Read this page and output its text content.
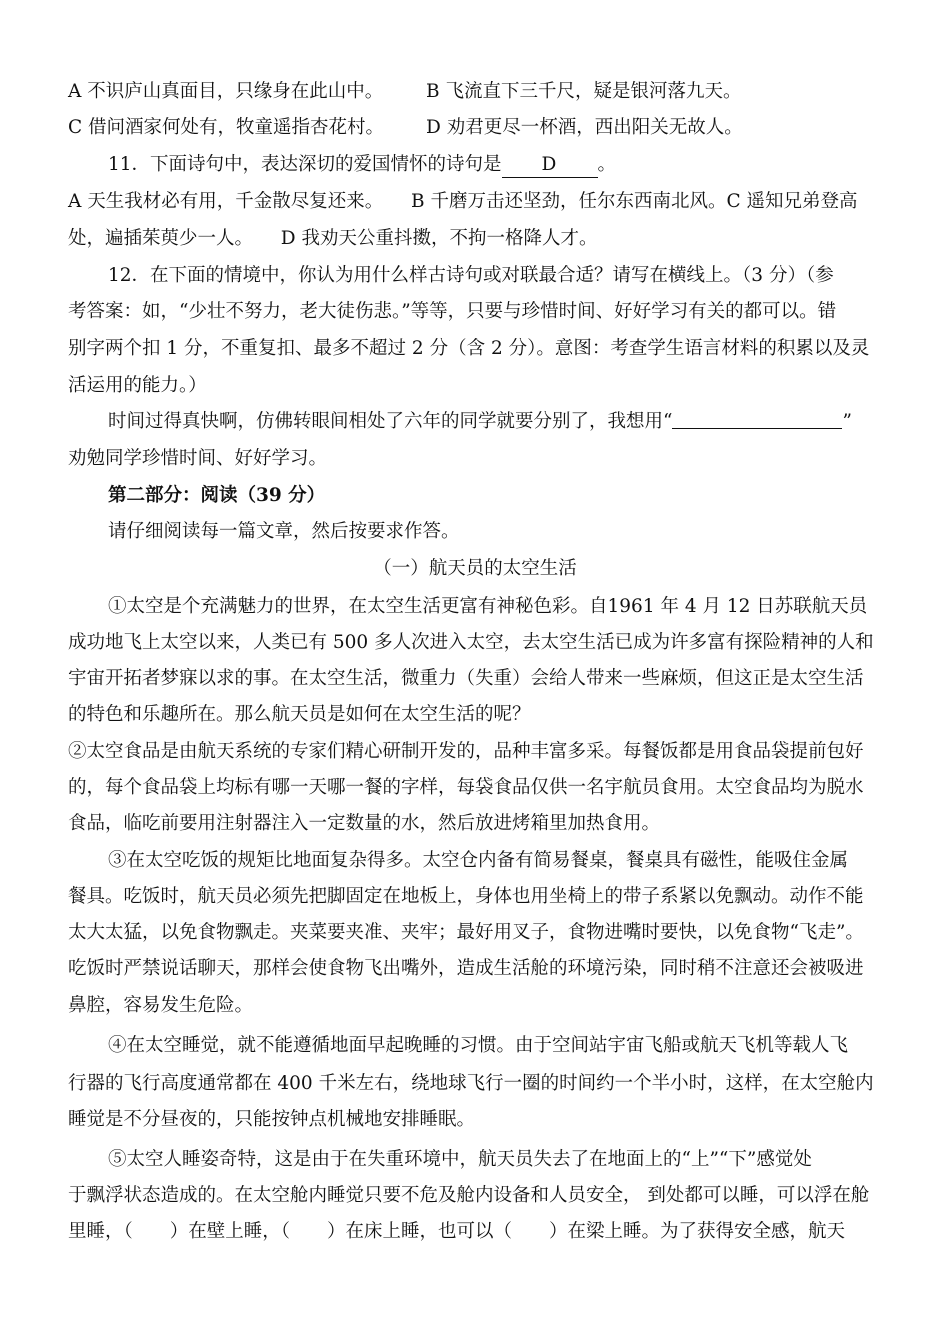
A 不识庐山真面目，只缘身在此山中。 B 飞流直下三千尺，疑是银河落九天。
C 借问酒家何处有，牧童遥指杏花村。 D 劝君更尽一杯酒，西出阳关无故人。
11．下面诗句中，表达深切的爱国情怀的诗句是 D 。
A 天生我材必有用，千金散尽复还来。　　B 千磨万击还坚劲，任尔东西南北风。C 遥知兄弟登高
处，遍插茱萸少一人。　　D 我劝天公重抖擞，不拘一格降人才。
12．在下面的情境中，你认为用什么样古诗句或对联最合适？请写在横线上。（3 分）（参
考答案：如，“少壮不努力，老大徒伤悲。”等等，只要与珍惜时间、好好学习有关的都可以。错
别字两个扣 1 分，不重复扣、最多不超过 2 分（含 2 分）。意图：考查学生语言材料的积累以及灵
活运用的能力。）
时间过得真快啊，仿佛转眼间相处了六年的同学就要分别了，我想用“	”
劝勉同学珍惜时间、好好学习。
第二部分：阅读（39 分）
请仔细阅读每一篇文章，然后按要求作答。
（一）航天员的太空生活
①太空是个充满魅力的世界，在太空生活更富有神秘色彩。自1961 年 4 月 12 日苏联航天员
成功地飞上太空以来，人类已有 500 多人次进入太空，去太空生活已成为许多富有探险精神的人和
宇宙开拓者梦寐以求的事。在太空生活，微重力（失重）会给人带来一些麻烦，但这正是太空生活
的特色和乐趣所在。那么航天员是如何在太空生活的呢？
②太空食品是由航天系统的专家们精心研制开发的，品种丰富多采。每餐饭都是用食品袋提前包好
的，每个食品袋上均标有哪一天哪一餐的字样，每袋食品仅供一名宇航员食用。太空食品均为脱水
食品，临吃前要用注射器注入一定数量的水，然后放进烤箱里加热食用。
③在太空吃饭的规矩比地面复杂得多。太空仓内备有简易餐桌，餐桌具有磁性，能吸住金属
餐具。吃饭时，航天员必须先把脚固定在地板上，身体也用坐椅上的带子系紧以免飘动。动作不能
太大太猛，以免食物飘走。夹菜要夹准、夹牢；最好用叉子，食物进嘴时要快，以免食物“飞走”。
吃饭时严禁说话聊天，那样会使食物飞出嘴外，造成生活舱的环境污染，同时稍不注意还会被吸进
鼻腔，容易发生危险。
④在太空睡觉，就不能遵循地面早起晚睡的习惯。由于空间站宇宙飞船或航天飞机等载人飞
行器的飞行高度通常都在 400 千米左右，绕地球飞行一圈的时间约一个半小时，这样，在太空舱内
睡觉是不分昼夜的，只能按钟点机械地安排睡眠。
⑤太空人睡姿奇特，这是由于在失重环境中，航天员失去了在地面上的“上”“下”感觉处
于飘浮状态造成的。在太空舱内睡觉只要不危及舱内设备和人员安全， 到处都可以睡，可以浮在舱
里睡，（　　）在壁上睡，（　　）在床上睡，也可以（　　）在梁上睡。为了获得安全感，航天
